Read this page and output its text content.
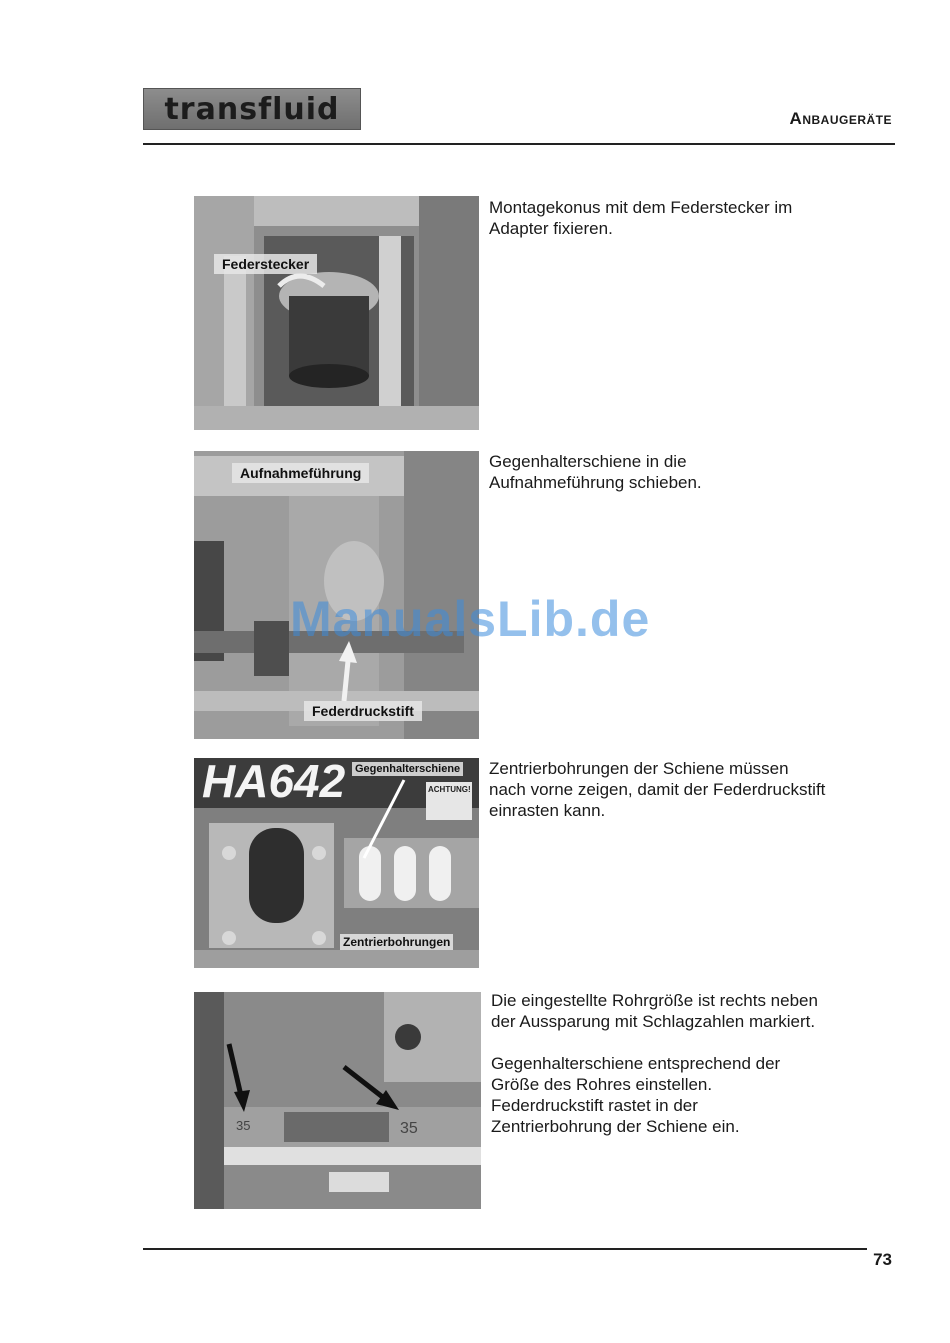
transfluid	Anbaugeräte
Federstecker

Montagekonus mit dem Federstecker im Adapter fixieren.

Aufnahmeführung
Federdruckstift

Gegenhalterschiene in die Aufnahmeführung schieben.

HA642 Gegenhalterschiene
ACHTUNG!
Zentrierbohrungen

Zentrierbohrungen der Schiene müssen nach vorne zeigen, damit der Federdruckstift einrasten kann.

35	35

Die eingestellte Rohrgröße ist rechts neben der Aussparung mit Schlagzahlen markiert.

Gegenhalterschiene entsprechend der Größe des Rohres einstellen. Federdruckstift rastet in der Zentrierbohrung der Schiene ein.

ManualsLib.de
73
